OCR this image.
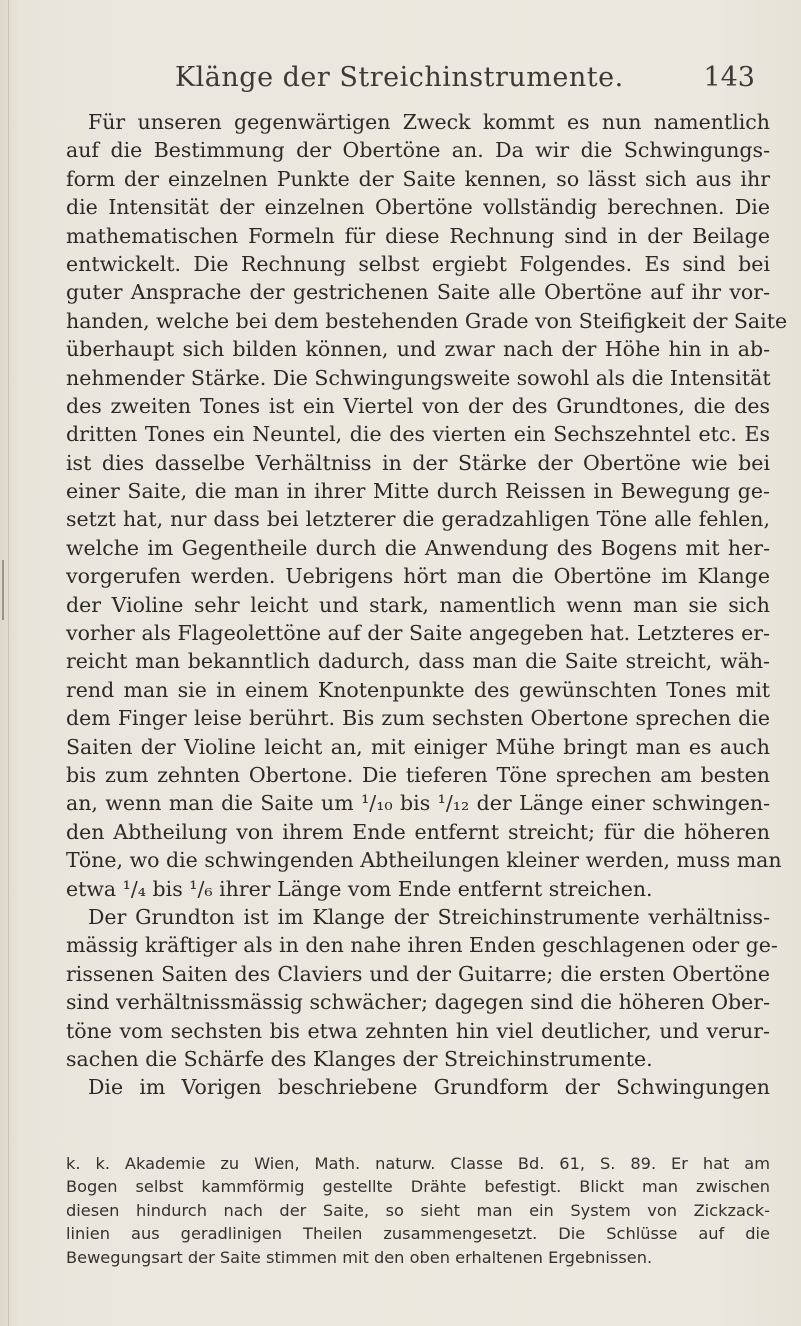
Klänge der Streichinstrumente.	143
Für unseren gegenwärtigen Zweck kommt es nun namentlich
auf die Bestimmung der Obertöne an. Da wir die Schwingungs-
form der einzelnen Punkte der Saite kennen, so lässt sich aus ihr
die Intensität der einzelnen Obertöne vollständig berechnen. Die
mathematischen Formeln für diese Rechnung sind in der Beilage
entwickelt. Die Rechnung selbst ergiebt Folgendes. Es sind bei
guter Ansprache der gestrichenen Saite alle Obertöne auf ihr vor-
handen, welche bei dem bestehenden Grade von Steifigkeit der Saite
überhaupt sich bilden können, und zwar nach der Höhe hin in ab-
nehmender Stärke. Die Schwingungsweite sowohl als die Intensität
des zweiten Tones ist ein Viertel von der des Grundtones, die des
dritten Tones ein Neuntel, die des vierten ein Sechszehntel etc. Es
ist dies dasselbe Verhältniss in der Stärke der Obertöne wie bei
einer Saite, die man in ihrer Mitte durch Reissen in Bewegung ge-
setzt hat, nur dass bei letzterer die geradzahligen Töne alle fehlen,
welche im Gegentheile durch die Anwendung des Bogens mit her-
vorgerufen werden. Uebrigens hört man die Obertöne im Klange
der Violine sehr leicht und stark, namentlich wenn man sie sich
vorher als Flageolettöne auf der Saite angegeben hat. Letzteres er-
reicht man bekanntlich dadurch, dass man die Saite streicht, wäh-
rend man sie in einem Knotenpunkte des gewünschten Tones mit
dem Finger leise berührt. Bis zum sechsten Obertone sprechen die
Saiten der Violine leicht an, mit einiger Mühe bringt man es auch
bis zum zehnten Obertone. Die tieferen Töne sprechen am besten
an, wenn man die Saite um ¹/₁₀ bis ¹/₁₂ der Länge einer schwingen-
den Abtheilung von ihrem Ende entfernt streicht; für die höheren
Töne, wo die schwingenden Abtheilungen kleiner werden, muss man
etwa ¹/₄ bis ¹/₆ ihrer Länge vom Ende entfernt streichen.
Der Grundton ist im Klange der Streichinstrumente verhältniss-
mässig kräftiger als in den nahe ihren Enden geschlagenen oder ge-
rissenen Saiten des Claviers und der Guitarre; die ersten Obertöne
sind verhältnissmässig schwächer; dagegen sind die höheren Ober-
töne vom sechsten bis etwa zehnten hin viel deutlicher, und verur-
sachen die Schärfe des Klanges der Streichinstrumente.
Die im Vorigen beschriebene Grundform der Schwingungen
k. k. Akademie zu Wien, Math. naturw. Classe Bd. 61, S. 89. Er hat am
Bogen selbst kammförmig gestellte Drähte befestigt. Blickt man zwischen
diesen hindurch nach der Saite, so sieht man ein System von Zickzack-
linien aus geradlinigen Theilen zusammengesetzt. Die Schlüsse auf die
Bewegungsart der Saite stimmen mit den oben erhaltenen Ergebnissen.
